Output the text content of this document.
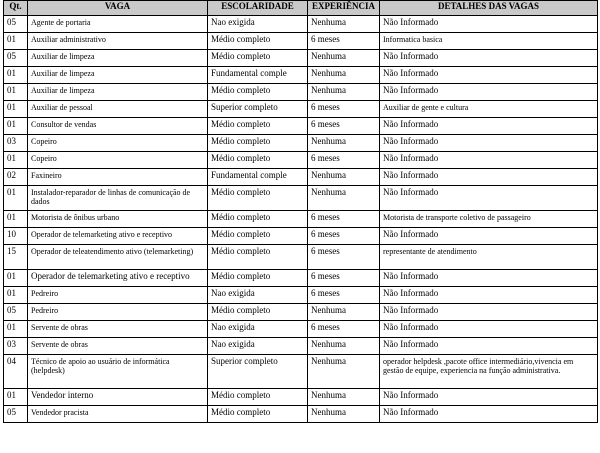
Qt.	VAGA	ESCOLARIDADE	EXPERIÊNCIA	DETALHES DAS VAGAS
05	Agente de portaria	Nao exigida	Nenhuma	Não Informado
01	Auxiliar administrativo	Médio completo	6 meses	Informatica basica
05	Auxiliar de limpeza	Médio completo	Nenhuma	Não Informado
01	Auxiliar de limpeza	Fundamental comple	Nenhuma	Não Informado
01	Auxiliar de limpeza	Médio completo	Nenhuma	Não Informado
01	Auxiliar de pessoal	Superior completo	6 meses	Auxiliar de gente e cultura
01	Consultor de vendas	Médio completo	6 meses	Não Informado
03	Copeiro	Médio completo	Nenhuma	Não Informado
01	Copeiro	Médio completo	6 meses	Não Informado
02	Faxineiro	Fundamental comple	Nenhuma	Não Informado
01	Instalador-reparador de linhas de comunicação de dados	Médio completo	Nenhuma	Não Informado
01	Motorista de ônibus urbano	Médio completo	6 meses	Motorista de transporte coletivo de passageiro
10	Operador de telemarketing ativo e receptivo	Médio completo	6 meses	Não Informado
15	Operador de teleatendimento ativo (telemarketing)	Médio completo	6 meses	representante de atendimento
01	Operador de telemarketing ativo e receptivo	Médio completo	6 meses	Não Informado
01	Pedreiro	Nao exigida	6 meses	Não Informado
05	Pedreiro	Médio completo	Nenhuma	Não Informado
01	Servente de obras	Nao exigida	6 meses	Não Informado
03	Servente de obras	Nao exigida	Nenhuma	Não Informado
04	Técnico de apoio ao usuário de informática (helpdesk)	Superior completo	Nenhuma	operador helpdesk ,pacote office intermediário,vivencia em gestão de equipe, experiencia na função administrativa.
01	Vendedor interno	Médio completo	Nenhuma	Não Informado
05	Vendedor pracista	Médio completo	Nenhuma	Não Informado
